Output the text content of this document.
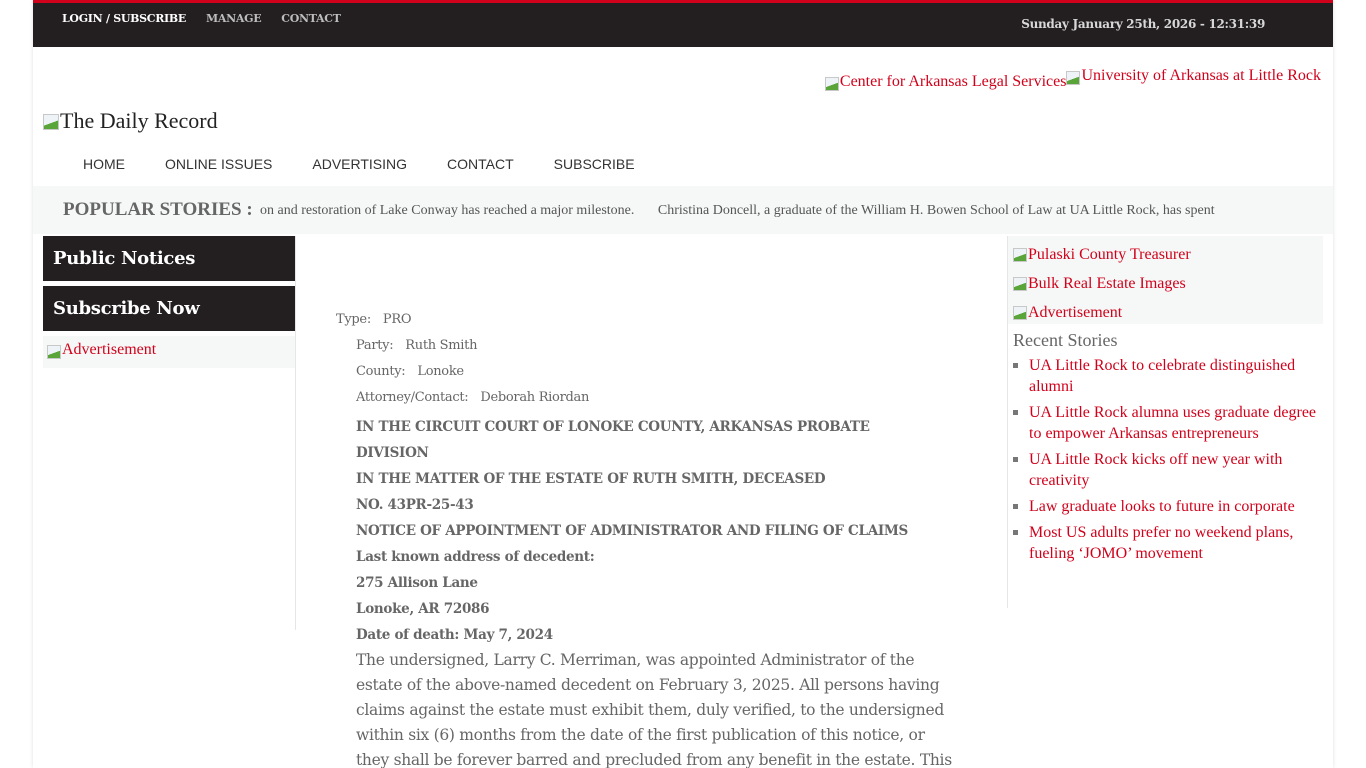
LOGIN / SUBSCRIBE MANAGE CONTACT	Sunday January 25th, 2026 - 12:31:39
Center for Arkansas Legal Services University of Arkansas at Little Rock
The Daily Record
HOME	ONLINE ISSUES	ADVERTISING	CONTACT	SUBSCRIBE
POPULAR STORIES : on and restoration of Lake Conway has reached a major milestone. Christina Doncell, a graduate of the William H. Bowen School of Law at UA Little Rock, has spent
Public Notices
Subscribe Now
Advertisement
Type: PRO
Party: Ruth Smith
County: Lonoke
Attorney/Contact: Deborah Riordan
IN THE CIRCUIT COURT OF LONOKE COUNTY, ARKANSAS PROBATE
DIVISION
IN THE MATTER OF THE ESTATE OF RUTH SMITH, DECEASED
NO. 43PR-25-43
NOTICE OF APPOINTMENT OF ADMINISTRATOR AND FILING OF CLAIMS
Last known address of decedent:
275 Allison Lane
Lonoke, AR 72086
Date of death: May 7, 2024

The undersigned, Larry C. Merriman, was appointed Administrator of the estate of the above-named decedent on February 3, 2025. All persons having claims against the estate must exhibit them, duly verified, to the undersigned within six (6) months from the date of the first publication of this notice, or they shall be forever barred and precluded from any benefit in the estate. This

Pulaski County Treasurer
Bulk Real Estate Images
Advertisement
Recent Stories
UA Little Rock to celebrate distinguished alumni
UA Little Rock alumna uses graduate degree to empower Arkansas entrepreneurs
UA Little Rock kicks off new year with creativity
Law graduate looks to future in corporate
Most US adults prefer no weekend plans, fueling ‘JOMO’ movement
